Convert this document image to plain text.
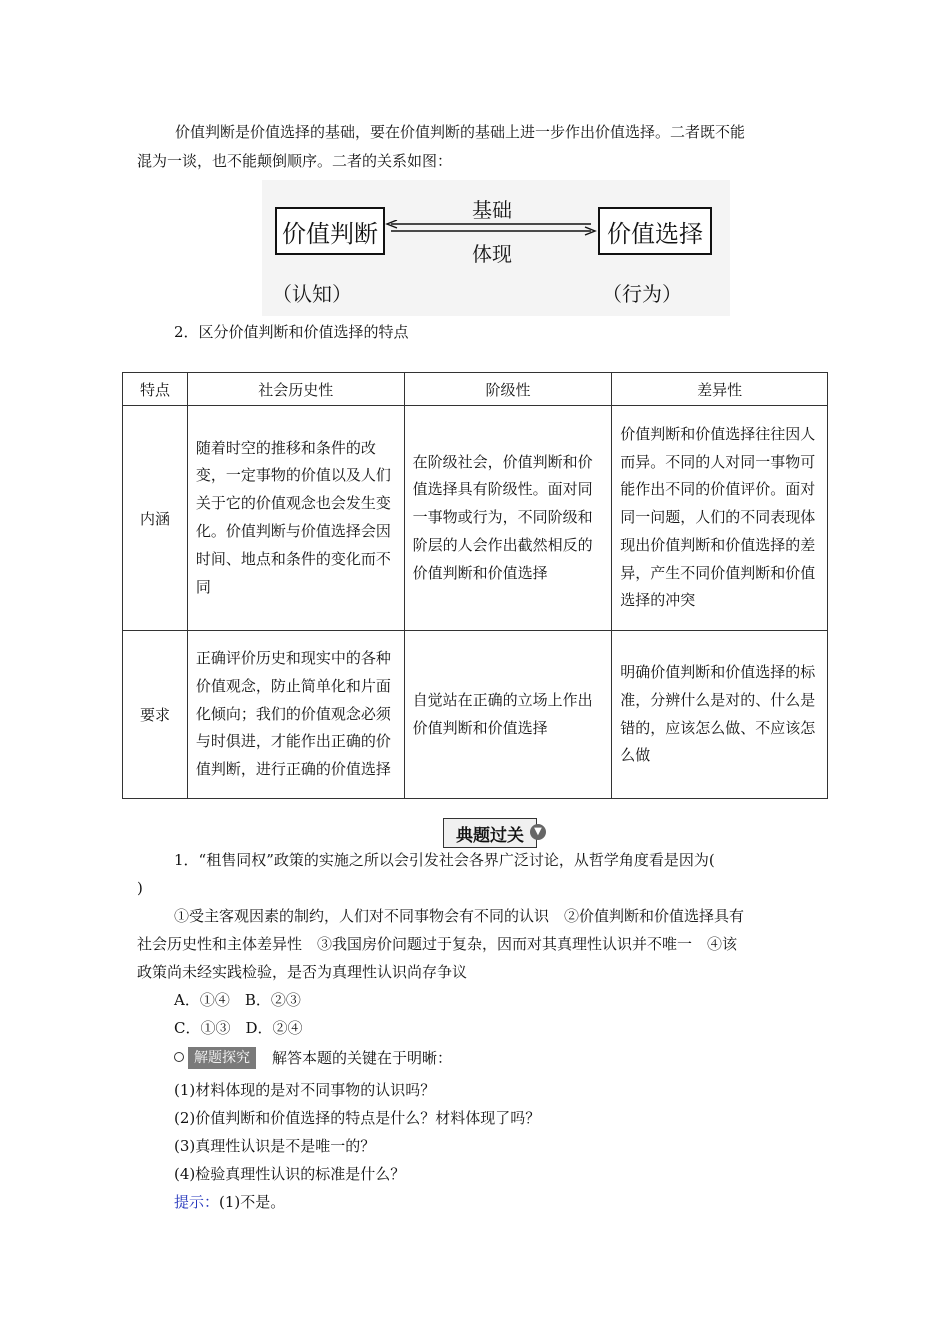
价值判断是价值选择的基础，要在价值判断的基础上进一步作出价值选择。二者既不能
混为一谈，也不能颠倒顺序。二者的关系如图：
价值判断	价值选择
基础
体现
（认知）	（行为）
2．区分价值判断和价值选择的特点
特点	社会历史性	阶级性	差异性
内涵	随着时空的推移和条件的改变，一定事物的价值以及人们关于它的价值观念也会发生变化。价值判断与价值选择会因时间、地点和条件的变化而不同	在阶级社会，价值判断和价值选择具有阶级性。面对同一事物或行为，不同阶级和阶层的人会作出截然相反的价值判断和价值选择	价值判断和价值选择往往因人而异。不同的人对同一事物可能作出不同的价值评价。面对同一问题，人们的不同表现体现出价值判断和价值选择的差异，产生不同价值判断和价值选择的冲突
要求	正确评价历史和现实中的各种价值观念，防止简单化和片面化倾向；我们的价值观念必须与时俱进，才能作出正确的价值判断，进行正确的价值选择	自觉站在正确的立场上作出价值判断和价值选择	明确价值判断和价值选择的标准，分辨什么是对的、什么是错的，应该怎么做、不应该怎么做
典题过关	▼
1．“租售同权”政策的实施之所以会引发社会各界广泛讨论，从哲学角度看是因为(
)
①受主客观因素的制约，人们对不同事物会有不同的认识　②价值判断和价值选择具有
社会历史性和主体差异性　③我国房价问题过于复杂，因而对其真理性认识并不唯一　④该
政策尚未经实践检验，是否为真理性认识尚存争议
A．①④　B．②③
C．①③　D．②④
解题探究	解答本题的关键在于明晰：
(1)材料体现的是对不同事物的认识吗？
(2)价值判断和价值选择的特点是什么？材料体现了吗？
(3)真理性认识是不是唯一的？
(4)检验真理性认识的标准是什么？
提示：(1)不是。
